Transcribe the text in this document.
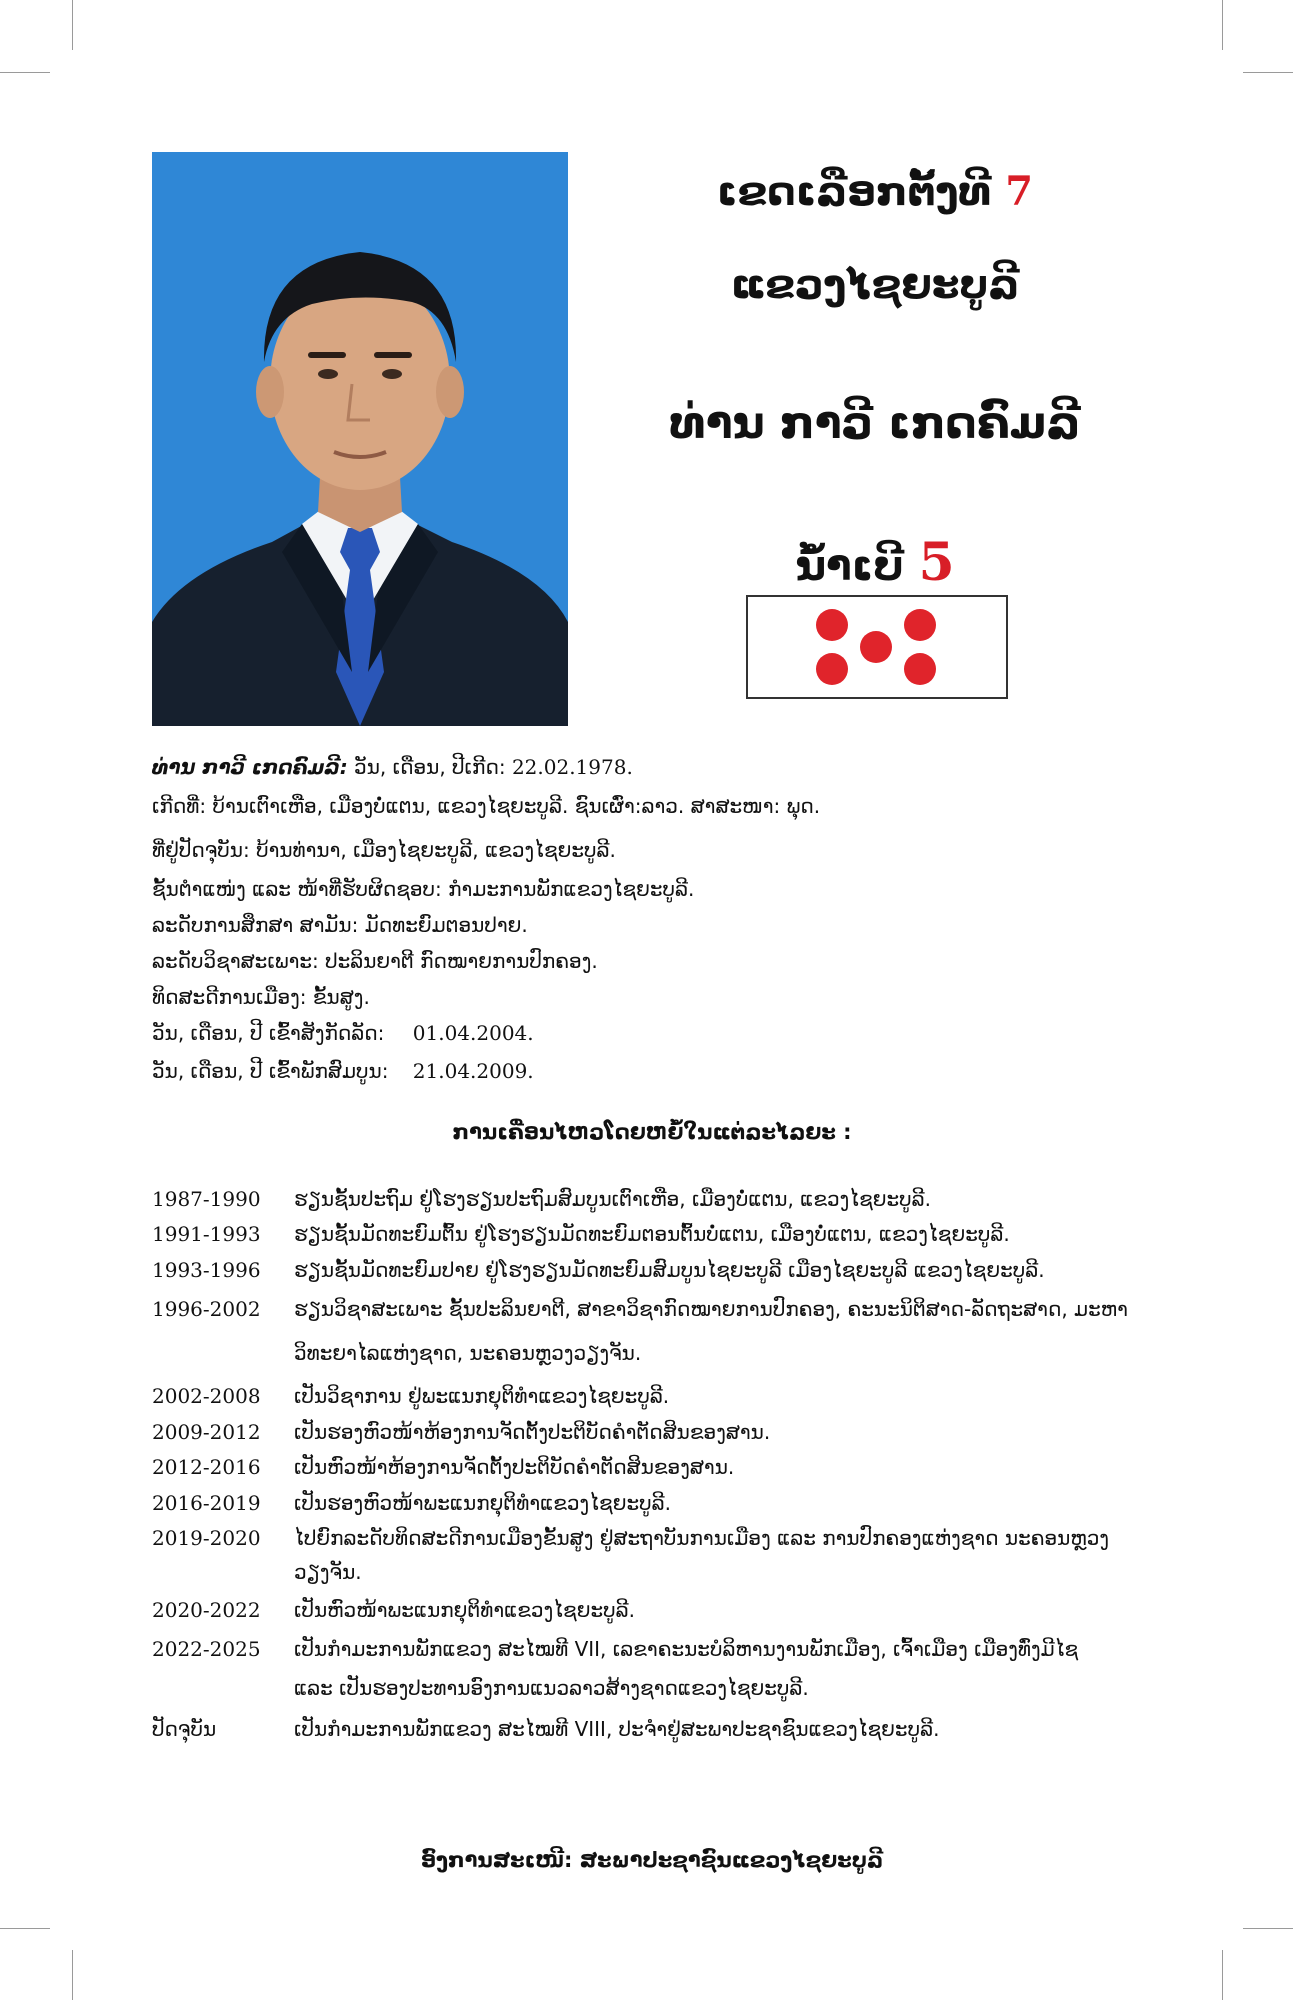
ເຂດເລືອກຕັ້ງທີ 7
ແຂວງໄຊຍະບູລີ
ທ່ານ ກາວີ ເກດຄົມລີ
ນໍ້າເບີ 5
ທ່ານ ກາວີ ເກດຄົມລີ: ວັນ, ເດືອນ, ປີເກີດ: 22.02.1978.
ເກີດທີ່: ບ້ານເຕົາເຫືອ, ເມືອງບໍ່ແຕນ, ແຂວງໄຊຍະບູລີ. ຊົນເຜົ່າ:ລາວ. ສາສະໜາ: ພຸດ.
ທີ່ຢູ່ປັດຈຸບັນ: ບ້ານທ່ານາ, ເມືອງໄຊຍະບູລີ, ແຂວງໄຊຍະບູລີ.
ຊັ້ນຕຳແໜ່ງ ແລະ ໜ້າທີ່ຮັບຜິດຊອບ: ກຳມະການພັກແຂວງໄຊຍະບູລີ.
ລະດັບການສຶກສາ ສາມັນ: ມັດທະຍົມຕອນປາຍ.
ລະດັບວິຊາສະເພາະ: ປະລິນຍາຕີ ກົດໝາຍການປົກຄອງ.
ທິດສະດີການເມືອງ: ຂັ້ນສູງ.
ວັນ, ເດືອນ, ປີ ເຂົ້າສັງກັດລັດ: 01.04.2004.
ວັນ, ເດືອນ, ປີ ເຂົ້າພັກສົມບູນ: 21.04.2009.
ການເຄື່ອນໄຫວໂດຍຫຍໍ້ໃນແຕ່ລະໄລຍະ :
1987-1990	ຮຽນຊັ້ນປະຖົມ ຢູ່ໂຮງຮຽນປະຖົມສົມບູນເຕົາເຫືອ, ເມືອງບໍ່ແຕນ, ແຂວງໄຊຍະບູລີ.
1991-1993	ຮຽນຊັ້ນມັດທະຍົມຕົ້ນ ຢູ່ໂຮງຮຽນມັດທະຍົມຕອນຕົ້ນບໍ່ແຕນ, ເມືອງບໍ່ແຕນ, ແຂວງໄຊຍະບູລີ.
1993-1996	ຮຽນຊັ້ນມັດທະຍົມປາຍ ຢູ່ໂຮງຮຽນມັດທະຍົມສົມບູນໄຊຍະບູລີ ເມືອງໄຊຍະບູລີ ແຂວງໄຊຍະບູລີ.
1996-2002	ຮຽນວິຊາສະເພາະ ຊັ້ນປະລິນຍາຕີ, ສາຂາວິຊາກົດໝາຍການປົກຄອງ, ຄະນະນິຕິສາດ-ລັດຖະສາດ, ມະຫາ
ວິທະຍາໄລແຫ່ງຊາດ, ນະຄອນຫຼວງວຽງຈັນ.
2002-2008	ເປັນວິຊາການ ຢູ່ພະແນກຍຸຕິທຳແຂວງໄຊຍະບູລີ.
2009-2012	ເປັນຮອງຫົວໜ້າຫ້ອງການຈັດຕັ້ງປະຕິບັດຄຳຕັດສິນຂອງສານ.
2012-2016	ເປັນຫົວໜ້າຫ້ອງການຈັດຕັ້ງປະຕິບັດຄຳຕັດສິນຂອງສານ.
2016-2019	ເປັນຮອງຫົວໜ້າພະແນກຍຸຕິທຳແຂວງໄຊຍະບູລີ.
2019-2020	ໄປຍົກລະດັບທິດສະດີການເມືອງຂັ້ນສູງ ຢູ່ສະຖາບັນການເມືອງ ແລະ ການປົກຄອງແຫ່ງຊາດ ນະຄອນຫຼວງ
ວຽງຈັນ.
2020-2022	ເປັນຫົວໜ້າພະແນກຍຸຕິທຳແຂວງໄຊຍະບູລີ.
2022-2025	ເປັນກຳມະການພັກແຂວງ ສະໄໝທີ VII, ເລຂາຄະນະບໍລິຫານງານພັກເມືອງ, ເຈົ້າເມືອງ ເມືອງທົ່ງມີໄຊ
ແລະ ເປັນຮອງປະທານອົງການແນວລາວສ້າງຊາດແຂວງໄຊຍະບູລີ.
ປັດຈຸບັນ	ເປັນກຳມະການພັກແຂວງ ສະໄໝທີ VIII, ປະຈຳຢູ່ສະພາປະຊາຊົນແຂວງໄຊຍະບູລີ.
ອົງການສະເໜີ: ສະພາປະຊາຊົນແຂວງໄຊຍະບູລີ
